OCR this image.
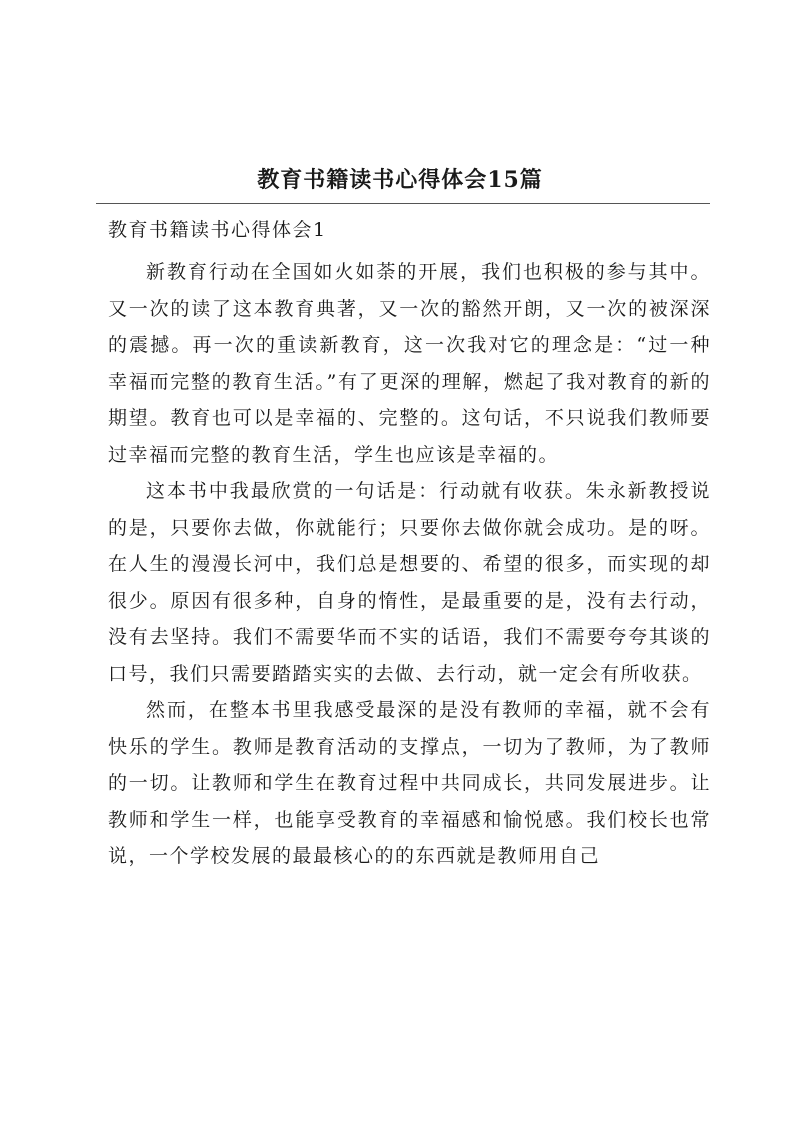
教育书籍读书心得体会15篇
教育书籍读书心得体会1

新教育行动在全国如火如荼的开展，我们也积极的参与其中。又一次的读了这本教育典著，又一次的豁然开朗，又一次的被深深的震撼。再一次的重读新教育，这一次我对它的理念是：“过一种幸福而完整的教育生活。”有了更深的理解，燃起了我对教育的新的期望。教育也可以是幸福的、完整的。这句话，不只说我们教师要过幸福而完整的教育生活，学生也应该是幸福的。

这本书中我最欣赏的一句话是：行动就有收获。朱永新教授说的是，只要你去做，你就能行；只要你去做你就会成功。是的呀。在人生的漫漫长河中，我们总是想要的、希望的很多，而实现的却很少。原因有很多种，自身的惰性，是最重要的是，没有去行动，没有去坚持。我们不需要华而不实的话语，我们不需要夸夸其谈的口号，我们只需要踏踏实实的去做、去行动，就一定会有所收获。

然而，在整本书里我感受最深的是没有教师的幸福，就不会有快乐的学生。教师是教育活动的支撑点，一切为了教师，为了教师的一切。让教师和学生在教育过程中共同成长，共同发展进步。让教师和学生一样，也能享受教育的幸福感和愉悦感。我们校长也常说，一个学校发展的最最核心的的东西就是教师用自己
